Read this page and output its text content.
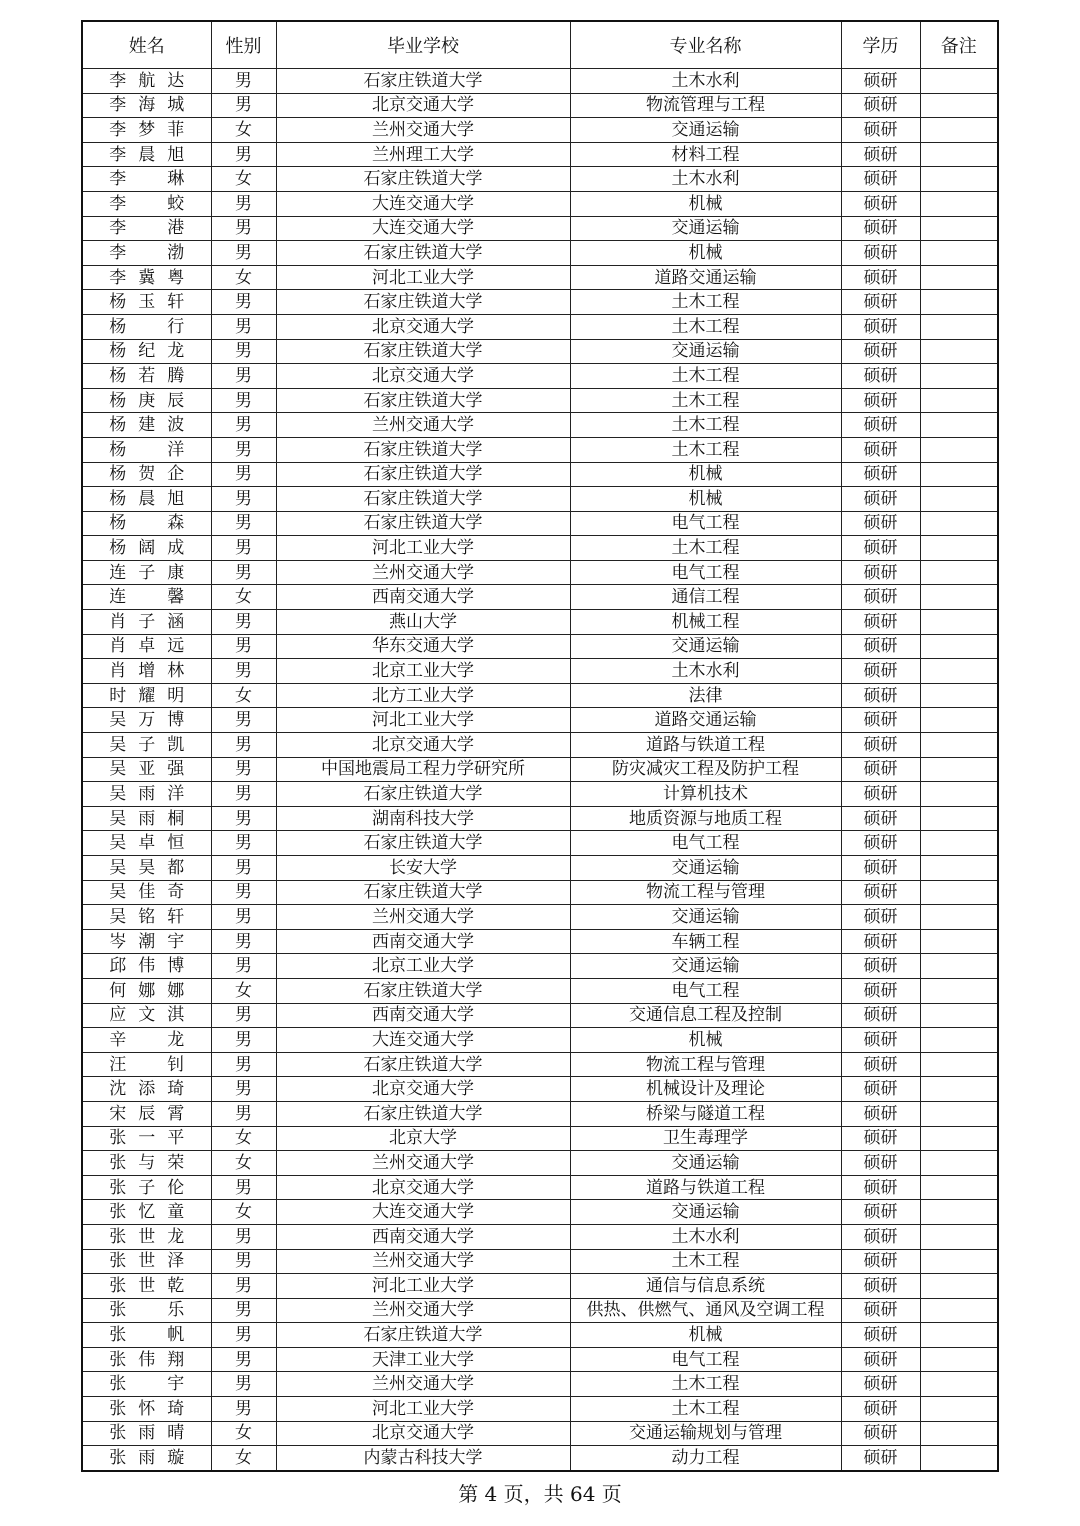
姓名	性别	毕业学校	专业名称	学历	备注

李 航 达	男	石家庄铁道大学	土木水利	硕研	

李 海 城	男	北京交通大学	物流管理与工程	硕研	

李 梦 菲	女	兰州交通大学	交通运输	硕研	

李 晨 旭	男	兰州理工大学	材料工程	硕研	

李 琳	女	石家庄铁道大学	土木水利	硕研	

李 蛟	男	大连交通大学	机械	硕研	

李 港	男	大连交通大学	交通运输	硕研	

李 渤	男	石家庄铁道大学	机械	硕研	

李 冀 粤	女	河北工业大学	道路交通运输	硕研	

杨 玉 轩	男	石家庄铁道大学	土木工程	硕研	

杨 行	男	北京交通大学	土木工程	硕研	

杨 纪 龙	男	石家庄铁道大学	交通运输	硕研	

杨 若 腾	男	北京交通大学	土木工程	硕研	

杨 庚 辰	男	石家庄铁道大学	土木工程	硕研	

杨 建 波	男	兰州交通大学	土木工程	硕研	

杨 洋	男	石家庄铁道大学	土木工程	硕研	

杨 贺 企	男	石家庄铁道大学	机械	硕研	

杨 晨 旭	男	石家庄铁道大学	机械	硕研	

杨 森	男	石家庄铁道大学	电气工程	硕研	

杨 阔 成	男	河北工业大学	土木工程	硕研	

连 子 康	男	兰州交通大学	电气工程	硕研	

连 馨	女	西南交通大学	通信工程	硕研	

肖 子 涵	男	燕山大学	机械工程	硕研	

肖 卓 远	男	华东交通大学	交通运输	硕研	

肖 增 林	男	北京工业大学	土木水利	硕研	

时 耀 明	女	北方工业大学	法律	硕研	

吴 万 博	男	河北工业大学	道路交通运输	硕研	

吴 子 凯	男	北京交通大学	道路与铁道工程	硕研	

吴 亚 强	男	中国地震局工程力学研究所	防灾减灾工程及防护工程	硕研	

吴 雨 洋	男	石家庄铁道大学	计算机技术	硕研	

吴 雨 桐	男	湖南科技大学	地质资源与地质工程	硕研	

吴 卓 恒	男	石家庄铁道大学	电气工程	硕研	

吴 昊 都	男	长安大学	交通运输	硕研	

吴 佳 奇	男	石家庄铁道大学	物流工程与管理	硕研	

吴 铭 轩	男	兰州交通大学	交通运输	硕研	

岑 潮 宇	男	西南交通大学	车辆工程	硕研	

邱 伟 博	男	北京工业大学	交通运输	硕研	

何 娜 娜	女	石家庄铁道大学	电气工程	硕研	

应 文 淇	男	西南交通大学	交通信息工程及控制	硕研	

辛 龙	男	大连交通大学	机械	硕研	

汪 钊	男	石家庄铁道大学	物流工程与管理	硕研	

沈 添 琦	男	北京交通大学	机械设计及理论	硕研	

宋 辰 霄	男	石家庄铁道大学	桥梁与隧道工程	硕研	

张 一 平	女	北京大学	卫生毒理学	硕研	

张 与 荣	女	兰州交通大学	交通运输	硕研	

张 子 伦	男	北京交通大学	道路与铁道工程	硕研	

张 忆 童	女	大连交通大学	交通运输	硕研	

张 世 龙	男	西南交通大学	土木水利	硕研	

张 世 泽	男	兰州交通大学	土木工程	硕研	

张 世 乾	男	河北工业大学	通信与信息系统	硕研	

张 乐	男	兰州交通大学	供热、供燃气、通风及空调工程	硕研	

张 帆	男	石家庄铁道大学	机械	硕研	

张 伟 翔	男	天津工业大学	电气工程	硕研	

张 宇	男	兰州交通大学	土木工程	硕研	

张 怀 琦	男	河北工业大学	土木工程	硕研	

张 雨 晴	女	北京交通大学	交通运输规划与管理	硕研	

张 雨 璇	女	内蒙古科技大学	动力工程	硕研	
第 4 页，共 64 页
